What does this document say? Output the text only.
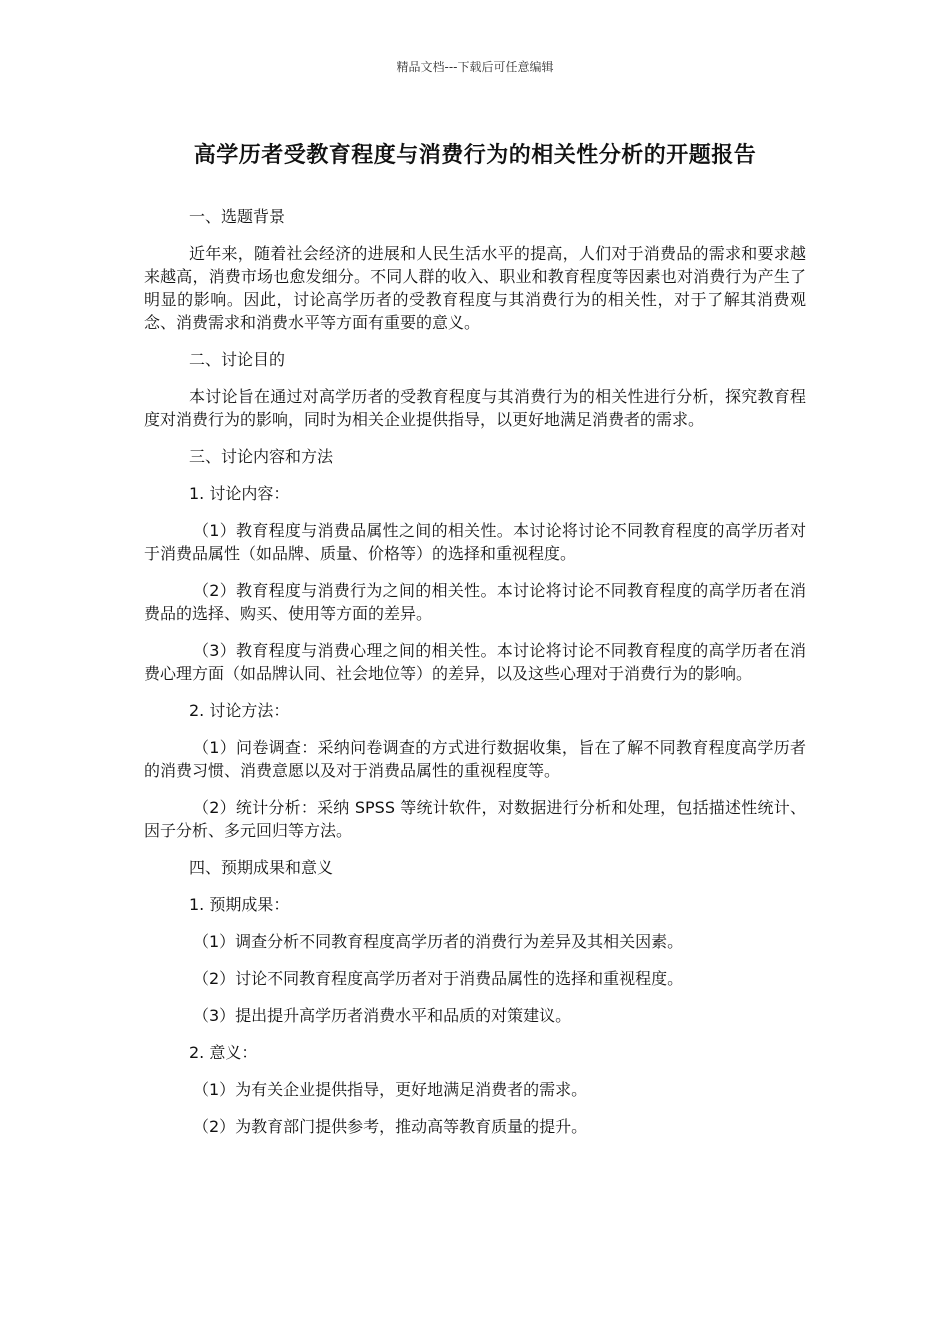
精品文档---下载后可任意编辑
高学历者受教育程度与消费行为的相关性分析的开题报告

一、选题背景

近年来，随着社会经济的进展和人民生活水平的提高，人们对于消费品的需求和要求越来越高，消费市场也愈发细分。不同人群的收入、职业和教育程度等因素也对消费行为产生了明显的影响。因此，讨论高学历者的受教育程度与其消费行为的相关性，对于了解其消费观念、消费需求和消费水平等方面有重要的意义。

二、讨论目的

本讨论旨在通过对高学历者的受教育程度与其消费行为的相关性进行分析，探究教育程度对消费行为的影响，同时为相关企业提供指导，以更好地满足消费者的需求。

三、讨论内容和方法

1. 讨论内容：

（1）教育程度与消费品属性之间的相关性。本讨论将讨论不同教育程度的高学历者对于消费品属性（如品牌、质量、价格等）的选择和重视程度。

（2）教育程度与消费行为之间的相关性。本讨论将讨论不同教育程度的高学历者在消费品的选择、购买、使用等方面的差异。

（3）教育程度与消费心理之间的相关性。本讨论将讨论不同教育程度的高学历者在消费心理方面（如品牌认同、社会地位等）的差异，以及这些心理对于消费行为的影响。

2. 讨论方法：

（1）问卷调查：采纳问卷调查的方式进行数据收集，旨在了解不同教育程度高学历者的消费习惯、消费意愿以及对于消费品属性的重视程度等。

（2）统计分析：采纳 SPSS 等统计软件，对数据进行分析和处理，包括描述性统计、因子分析、多元回归等方法。

四、预期成果和意义

1. 预期成果：

（1）调查分析不同教育程度高学历者的消费行为差异及其相关因素。

（2）讨论不同教育程度高学历者对于消费品属性的选择和重视程度。

（3）提出提升高学历者消费水平和品质的对策建议。

2. 意义：

（1）为有关企业提供指导，更好地满足消费者的需求。

（2）为教育部门提供参考，推动高等教育质量的提升。
